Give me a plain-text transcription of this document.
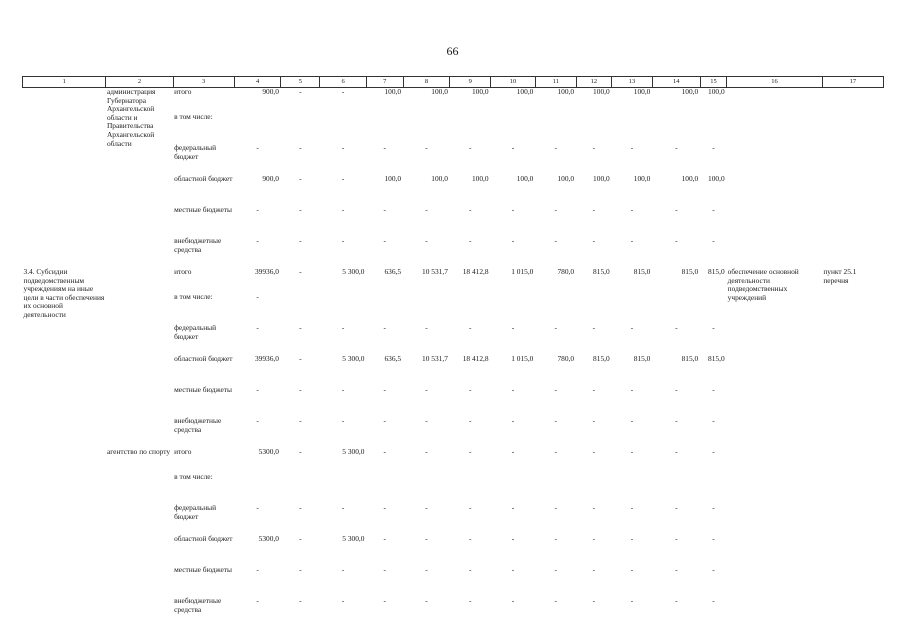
66
1	2	3	4	5	6	7	8	9	10	11	12	13	14	15	16	17
	администрация Губернатора Архангельской области и Правительства Архангельской области	итого	900,0	-	-	100,0	100,0	100,0	100,0	100,0	100,0	100,0	100,0	100,0		
		в том числе:														
		федеральный бюджет	-	-	-	-	-	-	-	-	-	-	-	-		
		областной бюджет	900,0	-	-	100,0	100,0	100,0	100,0	100,0	100,0	100,0	100,0	100,0		
		местные бюджеты	-	-	-	-	-	-	-	-	-	-	-	-		
		внебюджетные средства	-	-	-	-	-	-	-	-	-	-	-	-		
3.4. Субсидии подведомственным учреждениям на иные цели в части обеспечения их основной деятельности		итого	39936,0	-	5 300,0	636,5	10 531,7	18 412,8	1 015,0	780,0	815,0	815,0	815,0	815,0	обеспечение основной деятельности подведомственных учреждений	пункт 25.1 перечня
		в том числе:	-													
		федеральный бюджет	-	-	-	-	-	-	-	-	-	-	-	-		
		областной бюджет	39936,0	-	5 300,0	636,5	10 531,7	18 412,8	1 015,0	780,0	815,0	815,0	815,0	815,0		
		местные бюджеты	-	-	-	-	-	-	-	-	-	-	-	-		
		внебюджетные средства	-	-	-	-	-	-	-	-	-	-	-	-		
	агентство по спорту	итого	5300,0	-	5 300,0	-	-	-	-	-	-	-	-	-		
		в том числе:														
		федеральный бюджет	-	-	-	-	-	-	-	-	-	-	-	-		
		областной бюджет	5300,0	-	5 300,0	-	-	-	-	-	-	-	-	-		
		местные бюджеты	-	-	-	-	-	-	-	-	-	-	-	-		
		внебюджетные средства	-	-	-	-	-	-	-	-	-	-	-	-		
